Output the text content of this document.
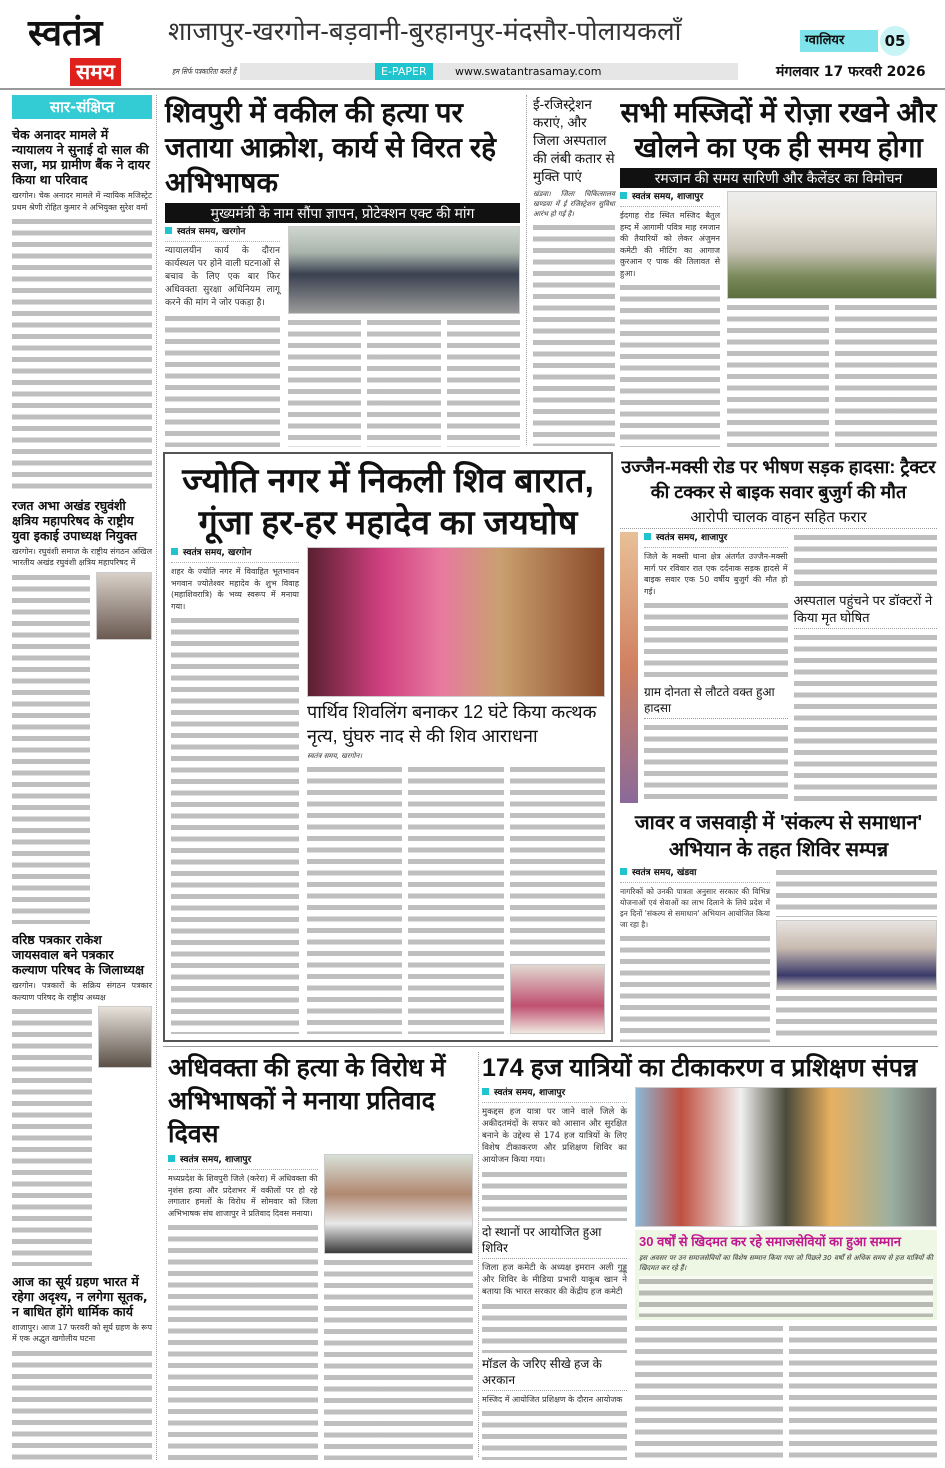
स्वतंत्र
समय
शाजापुर-खरगोन-बड़वानी-बुरहानपुर-मंदसौर-पोलायकलॉं	ग्वालियर	05
E-PAPER	www.swatantrasamay.com
हम सिर्फ पत्रकारिता करते हैं	मंगलवार 17 फरवरी 2026
सार-संक्षिप्त
चेक अनादर मामले में न्यायालय ने सुनाई दो साल की सजा, मप्र ग्रामीण बैंक ने दायर किया था परिवाद
खरगोन। चेक अनादर मामले में न्यायिक मजिस्ट्रेट प्रथम श्रेणी रोहित कुमार ने अभियुक्त सुरेश वर्मा
रजत अभा अखंड रघुवंशी क्षत्रिय महापरिषद के राष्ट्रीय युवा इकाई उपाध्यक्ष नियुक्त
खरगोन। रघुवंशी समाज के राष्ट्रीय संगठन अखिल भारतीय अखंड रघुवंशी क्षत्रिय महापरिषद में
वरिष्ठ पत्रकार राकेश जायसवाल बने पत्रकार कल्याण परिषद के जिलाध्यक्ष
खरगोन। पत्रकारों के सक्रिय संगठन पत्रकार कल्याण परिषद के राष्ट्रीय अध्यक्ष
आज का सूर्य ग्रहण भारत में रहेगा अदृश्य, न लगेगा सूतक, न बाधित होंगे धार्मिक कार्य
शाजापुर। आज 17 फरवरी को सूर्य ग्रहण के रूप में एक अद्भुत खगोलीय घटना
शिवपुरी में वकील की हत्या पर जताया आक्रोश, कार्य से विरत रहे अभिभाषक
मुख्यमंत्री के नाम सौंपा ज्ञापन, प्रोटेक्शन एक्ट की मांग
स्वतंत्र समय, खरगोन
न्यायालयीन कार्य के दौरान कार्यस्थल पर होने वाली घटनाओं से बचाव के लिए एक बार फिर अधिवक्ता सुरक्षा अधिनियम लागू करने की मांग ने जोर पकड़ा है।
ई-रजिस्ट्रेशन कराएं, और जिला अस्पताल की लंबी कतार से मुक्ति पाएं
खंडवा। जिला चिकित्सालय खण्डवा में ई रजिस्ट्रेशन सुविधा आरंभ हो गई है।
सभी मस्जिदों में रोज़ा रखने और खोलने का एक ही समय होगा
रमजान की समय सारिणी और कैलेंडर का विमोचन
स्वतंत्र समय, शाजापुर
ईदगाह रोड स्थित मस्जिद बैतुल हम्द में आगामी पवित्र माह रमजान की तैयारियों को लेकर अंजुमन कमेटी की मीटिंग का आगाज क़ुरआन ए पाक की तिलावत से हुआ।
ज्योति नगर में निकली शिव बारात, गूंजा हर-हर महादेव का जयघोष
स्वतंत्र समय, खरगोन
शहर के ज्योति नगर में विवाहित भूतभावन भगवान ज्योतेश्वर महादेव के शुभ विवाह (महाशिवरात्रि) के भव्य स्वरूप में मनाया गया।
पार्थिव शिवलिंग बनाकर 12 घंटे किया कत्थक नृत्य, घुंघरु नाद से की शिव आराधना
स्वतंत्र समय, खरगोन।
उज्जैन-मक्सी रोड पर भीषण सड़क हादसा: ट्रैक्टर की टक्कर से बाइक सवार बुजुर्ग की मौत
आरोपी चालक वाहन सहित फरार
स्वतंत्र समय, शाजापुर
जिले के मक्सी थाना क्षेत्र अंतर्गत उज्जैन-मक्सी मार्ग पर रविवार रात एक दर्दनाक सड़क हादसे में बाइक सवार एक 50 वर्षीय बुजुर्ग की मौत हो गई।
ग्राम दोनता से लौटते वक्त हुआ हादसा
अस्पताल पहुंचने पर डॉक्टरों ने किया मृत घोषित
जावर व जसवाड़ी में 'संकल्प से समाधान' अभियान के तहत शिविर सम्पन्न
स्वतंत्र समय, खंडवा
नागरिकों को उनकी पात्रता अनुसार सरकार की विभिन्न योजनाओं एवं सेवाओं का लाभ दिलाने के लिये प्रदेश में इन दिनों 'संकल्प से समाधान' अभियान आयोजित किया जा रहा है।
अधिवक्ता की हत्या के विरोध में अभिभाषकों ने मनाया प्रतिवाद दिवस
स्वतंत्र समय, शाजापुर
मध्यप्रदेश के शिवपुरी जिले (करेरा) में अधिवक्ता की नृशंस हत्या और प्रदेशभर में वकीलों पर हो रहे लगातार हमलों के विरोध में सोमवार को जिला अभिभाषक संघ शाजापुर ने प्रतिवाद दिवस मनाया।
174 हज यात्रियों का टीकाकरण व प्रशिक्षण संपन्न
स्वतंत्र समय, शाजापुर
मुकद्दस हज यात्रा पर जाने वाले जिले के अकीदतमंदों के सफर को आसान और सुरक्षित बनाने के उद्देश्य से 174 हज यात्रियों के लिए विशेष टीकाकरण और प्रशिक्षण शिविर का आयोजन किया गया।
दो स्थानों पर आयोजित हुआ शिविर
जिला हज कमेटी के अध्यक्ष इमरान अली गुड्डू और शिविर के मीडिया प्रभारी याकूब खान ने बताया कि भारत सरकार की केंद्रीय हज कमेटी
मॉडल के जरिए सीखे हज के अरकान
मस्जिद में आयोजित प्रशिक्षण के दौरान आयोजक
30 वर्षों से खिदमत कर रहे समाजसेवियों का हुआ सम्मान
इस अवसर पर उन समाजसेवियों का विशेष सम्मान किया गया जो पिछले 30 वर्षों से अधिक समय से हज यात्रियों की खिदमत कर रहे हैं।
